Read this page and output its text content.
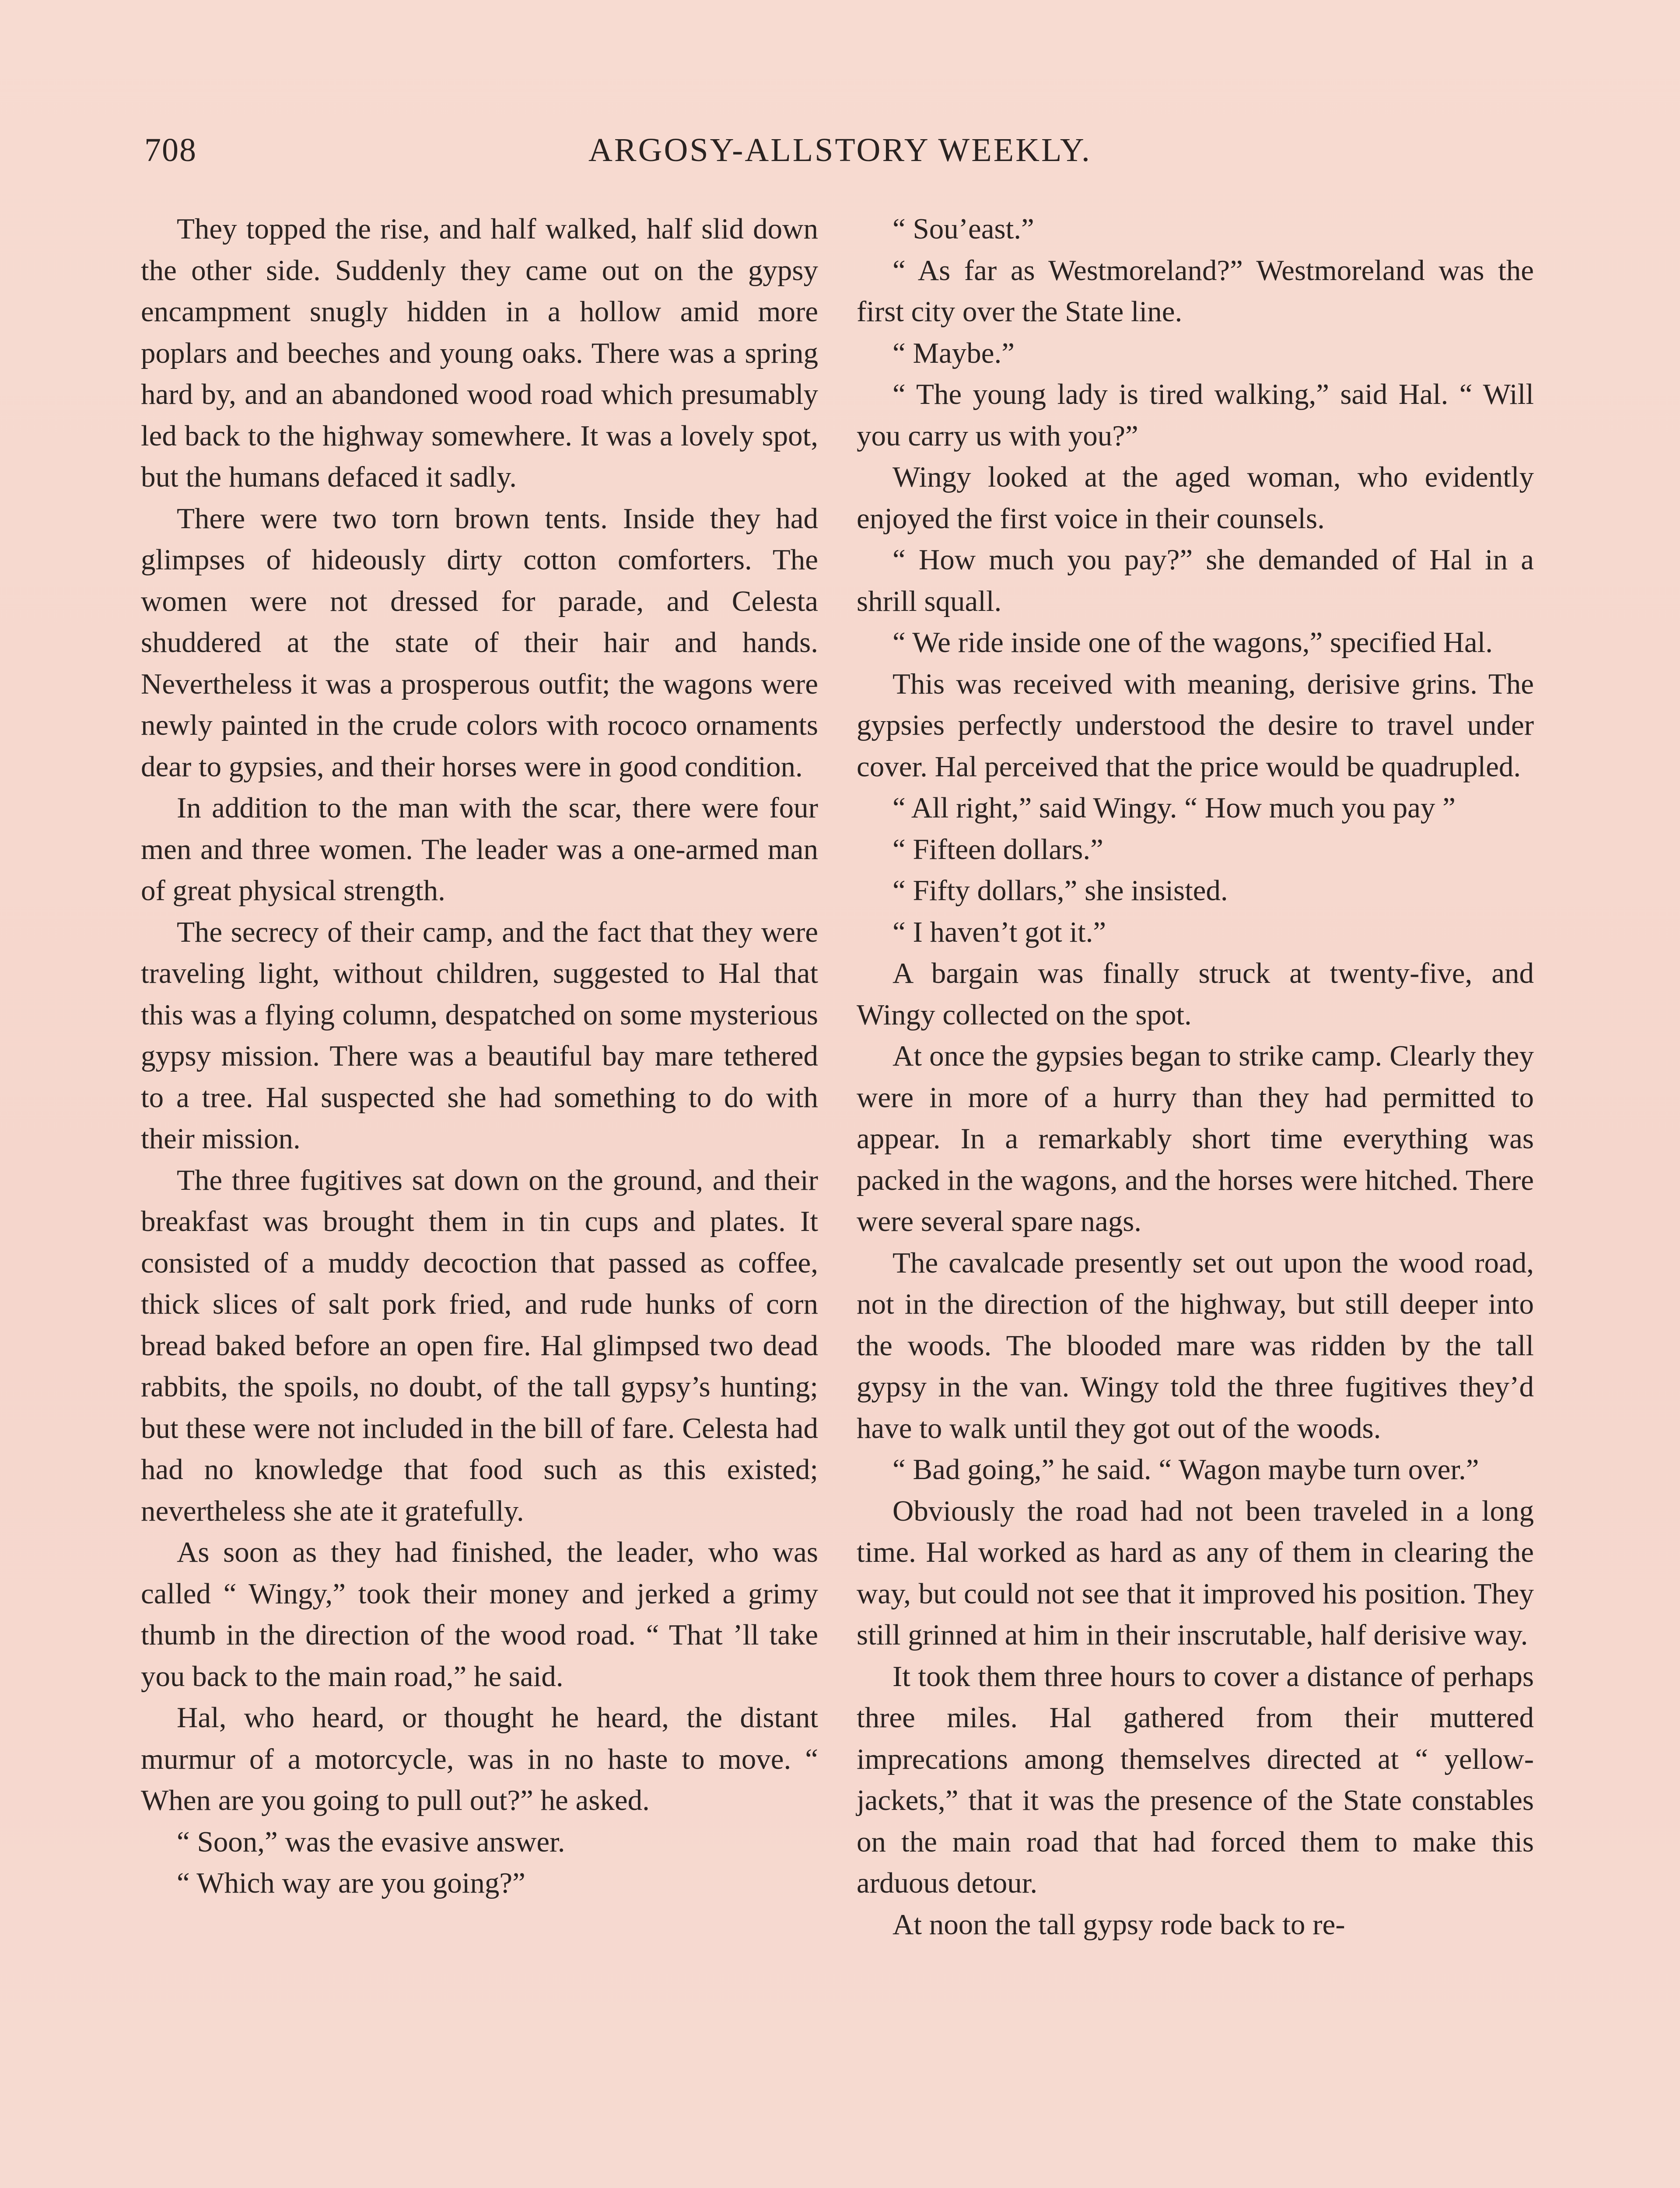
708	ARGOSY-ALLSTORY WEEKLY.

They topped the rise, and half walked, half slid down the other side. Suddenly they came out on the gypsy encampment snugly hidden in a hollow amid more poplars and beeches and young oaks. There was a spring hard by, and an abandoned wood road which presumably led back to the highway somewhere. It was a lovely spot, but the humans defaced it sadly.

There were two torn brown tents. Inside they had glimpses of hideously dirty cotton comforters. The women were not dressed for parade, and Celesta shuddered at the state of their hair and hands. Nevertheless it was a prosperous outfit; the wagons were newly painted in the crude colors with rococo ornaments dear to gypsies, and their horses were in good condition.

In addition to the man with the scar, there were four men and three women. The leader was a one-armed man of great physical strength.

The secrecy of their camp, and the fact that they were traveling light, without children, suggested to Hal that this was a flying column, despatched on some mysterious gypsy mission. There was a beautiful bay mare tethered to a tree. Hal suspected she had something to do with their mission.

The three fugitives sat down on the ground, and their breakfast was brought them in tin cups and plates. It consisted of a muddy decoction that passed as coffee, thick slices of salt pork fried, and rude hunks of corn bread baked before an open fire. Hal glimpsed two dead rabbits, the spoils, no doubt, of the tall gypsy’s hunting; but these were not included in the bill of fare. Celesta had had no knowledge that food such as this existed; nevertheless she ate it gratefully.

As soon as they had finished, the leader, who was called “ Wingy,” took their money and jerked a grimy thumb in the direction of the wood road. “ That ’ll take you back to the main road,” he said.

Hal, who heard, or thought he heard, the distant murmur of a motorcycle, was in no haste to move. “ When are you going to pull out?” he asked.

“ Soon,” was the evasive answer.

“ Which way are you going?”

“ Sou’east.”

“ As far as Westmoreland?” Westmoreland was the first city over the State line.

“ Maybe.”

“ The young lady is tired walking,” said Hal. “ Will you carry us with you?”

Wingy looked at the aged woman, who evidently enjoyed the first voice in their counsels.

“ How much you pay?” she demanded of Hal in a shrill squall.

“ We ride inside one of the wagons,” specified Hal.

This was received with meaning, derisive grins. The gypsies perfectly understood the desire to travel under cover. Hal perceived that the price would be quadrupled.

“ All right,” said Wingy. “ How much you pay ”

“ Fifteen dollars.”

“ Fifty dollars,” she insisted.

“ I haven’t got it.”

A bargain was finally struck at twenty-five, and Wingy collected on the spot.

At once the gypsies began to strike camp. Clearly they were in more of a hurry than they had permitted to appear. In a remarkably short time everything was packed in the wagons, and the horses were hitched. There were several spare nags.

The cavalcade presently set out upon the wood road, not in the direction of the highway, but still deeper into the woods. The blooded mare was ridden by the tall gypsy in the van. Wingy told the three fugitives they’d have to walk until they got out of the woods.

“ Bad going,” he said. “ Wagon maybe turn over.”

Obviously the road had not been traveled in a long time. Hal worked as hard as any of them in clearing the way, but could not see that it improved his position. They still grinned at him in their inscrutable, half derisive way.

It took them three hours to cover a distance of perhaps three miles. Hal gathered from their muttered imprecations among themselves directed at “ yellow-jackets,” that it was the presence of the State constables on the main road that had forced them to make this arduous detour.

At noon the tall gypsy rode back to re-
